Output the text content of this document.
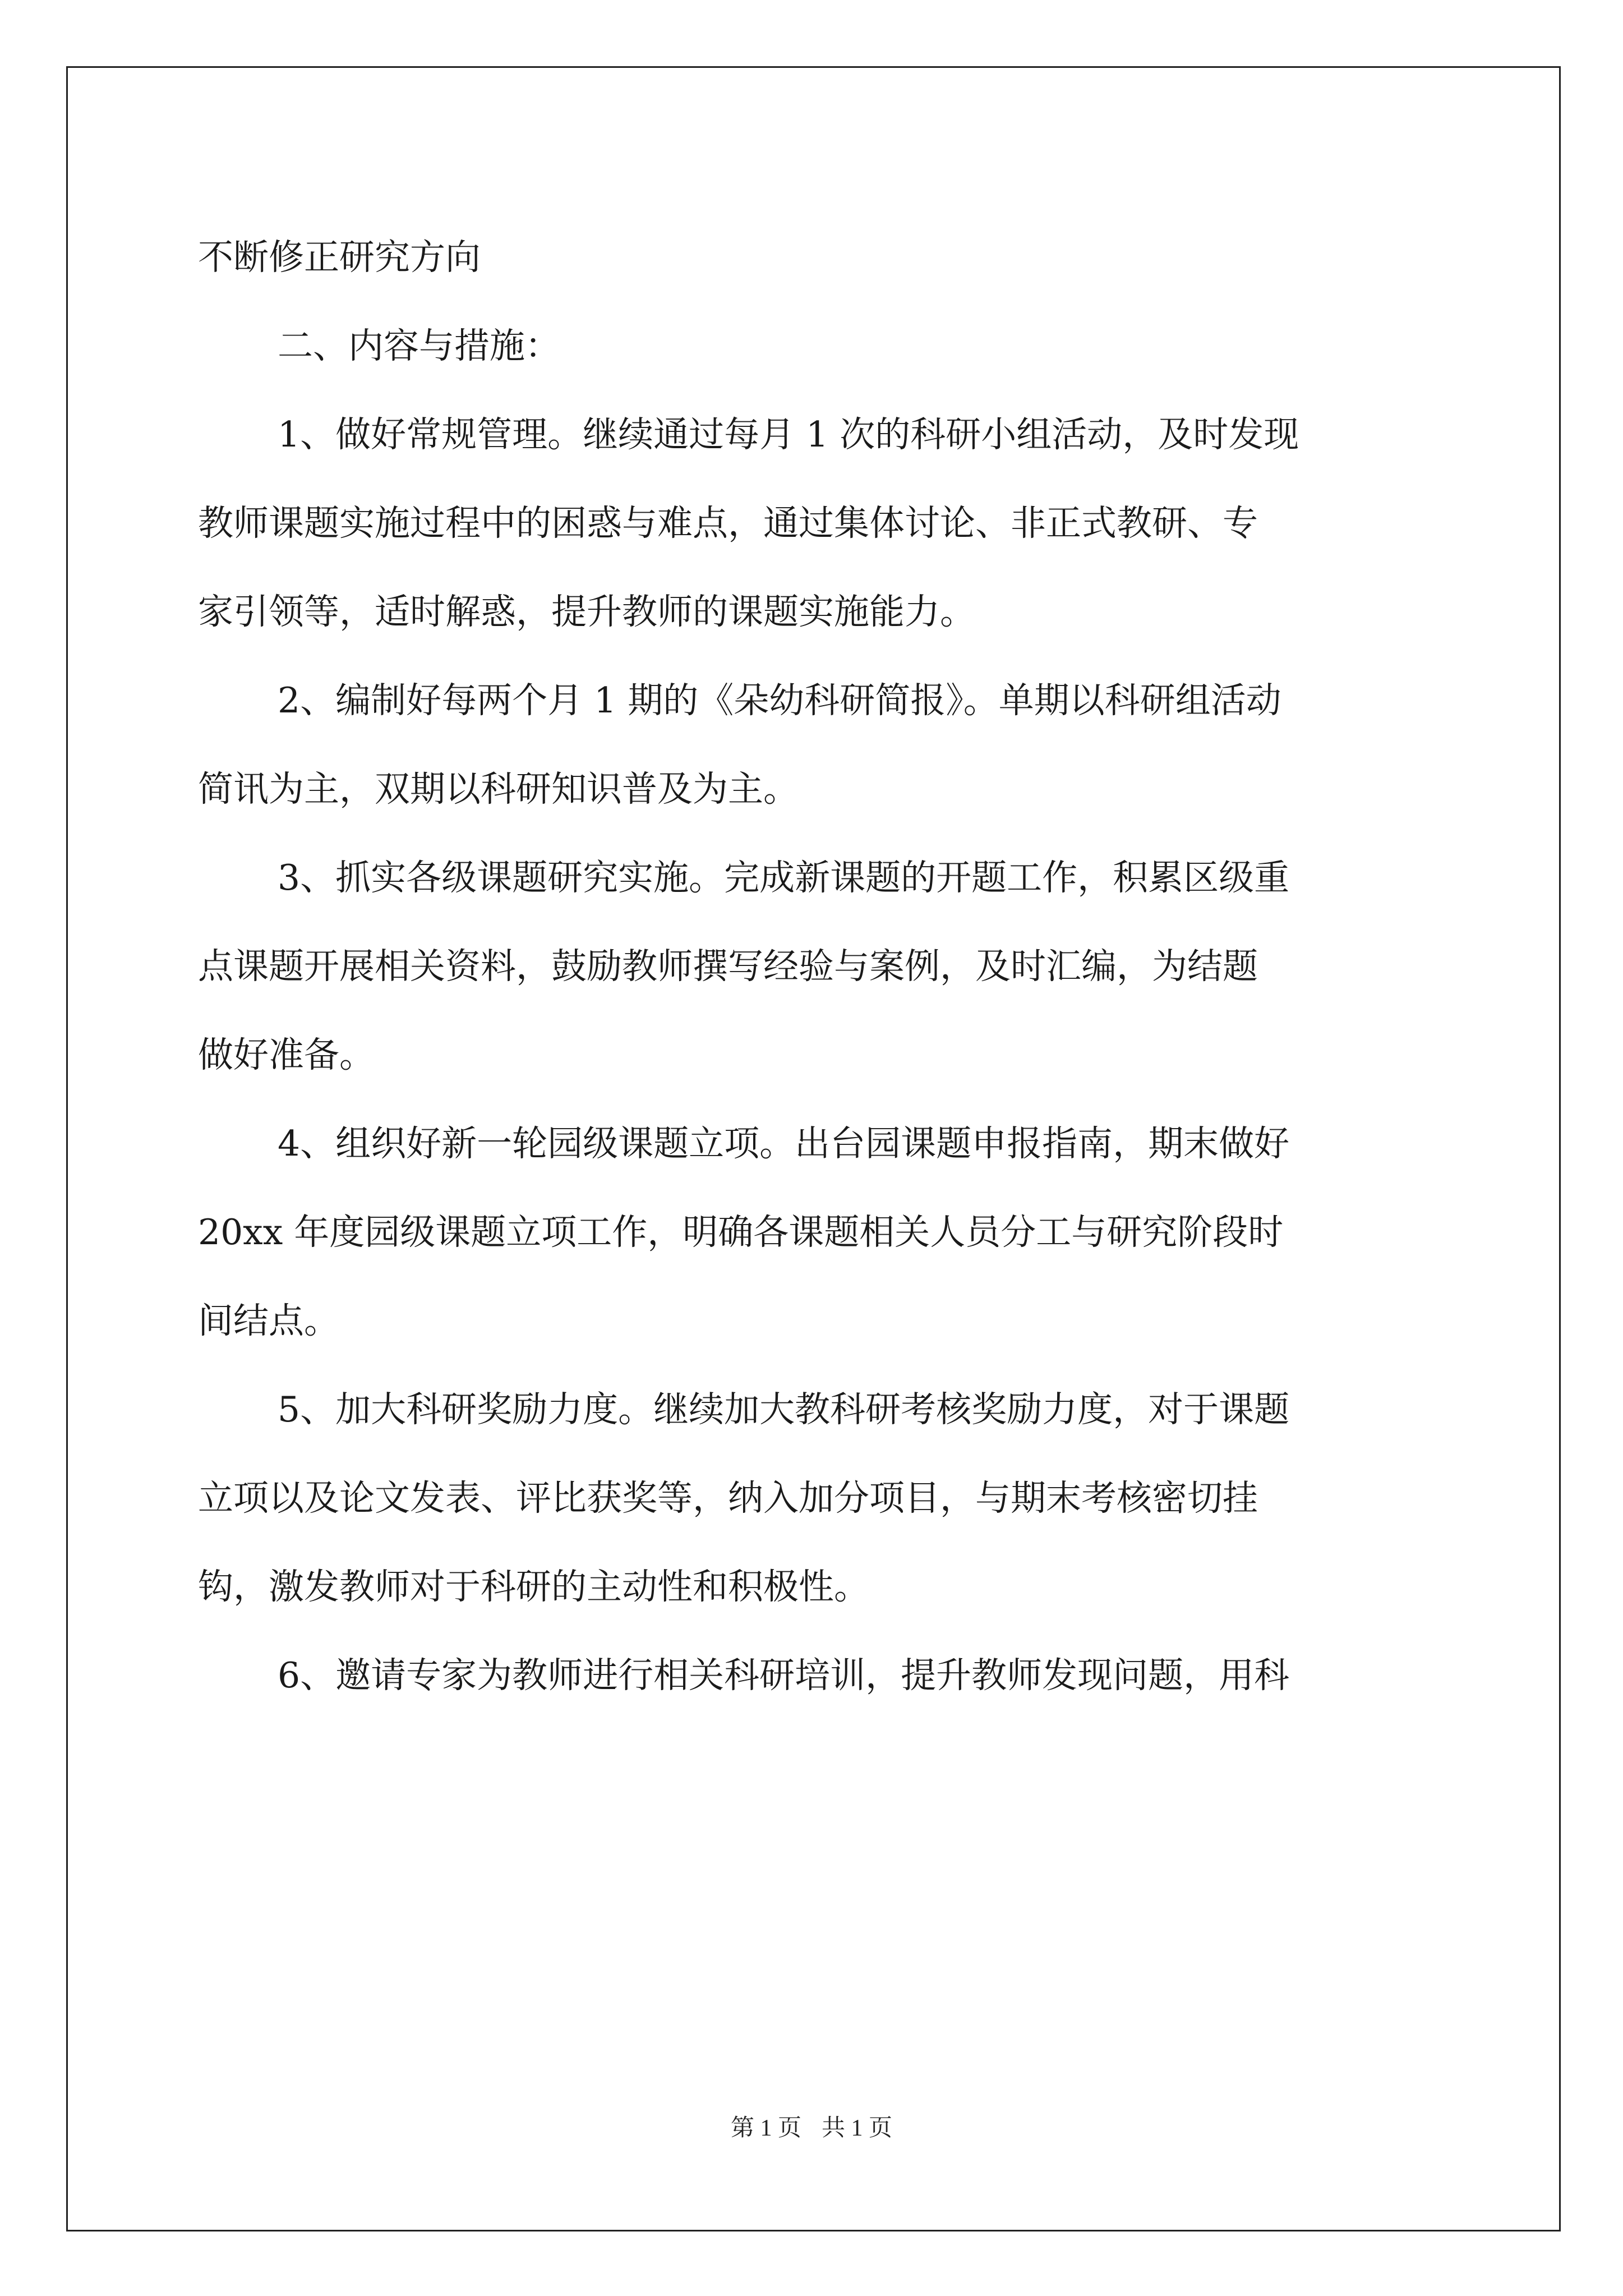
不断修正研究方向

二、内容与措施：

1、做好常规管理。继续通过每月 1 次的科研小组活动，及时发现

教师课题实施过程中的困惑与难点，通过集体讨论、非正式教研、专

家引领等，适时解惑，提升教师的课题实施能力。

2、编制好每两个月 1 期的《朵幼科研简报》。单期以科研组活动

简讯为主，双期以科研知识普及为主。

3、抓实各级课题研究实施。完成新课题的开题工作，积累区级重

点课题开展相关资料，鼓励教师撰写经验与案例，及时汇编，为结题

做好准备。

4、组织好新一轮园级课题立项。出台园课题申报指南，期末做好

20xx 年度园级课题立项工作，明确各课题相关人员分工与研究阶段时

间结点。

5、加大科研奖励力度。继续加大教科研考核奖励力度，对于课题

立项以及论文发表、评比获奖等，纳入加分项目，与期末考核密切挂

钩，激发教师对于科研的主动性和积极性。

6、邀请专家为教师进行相关科研培训，提升教师发现问题，用科

第 1 页 共 1 页
